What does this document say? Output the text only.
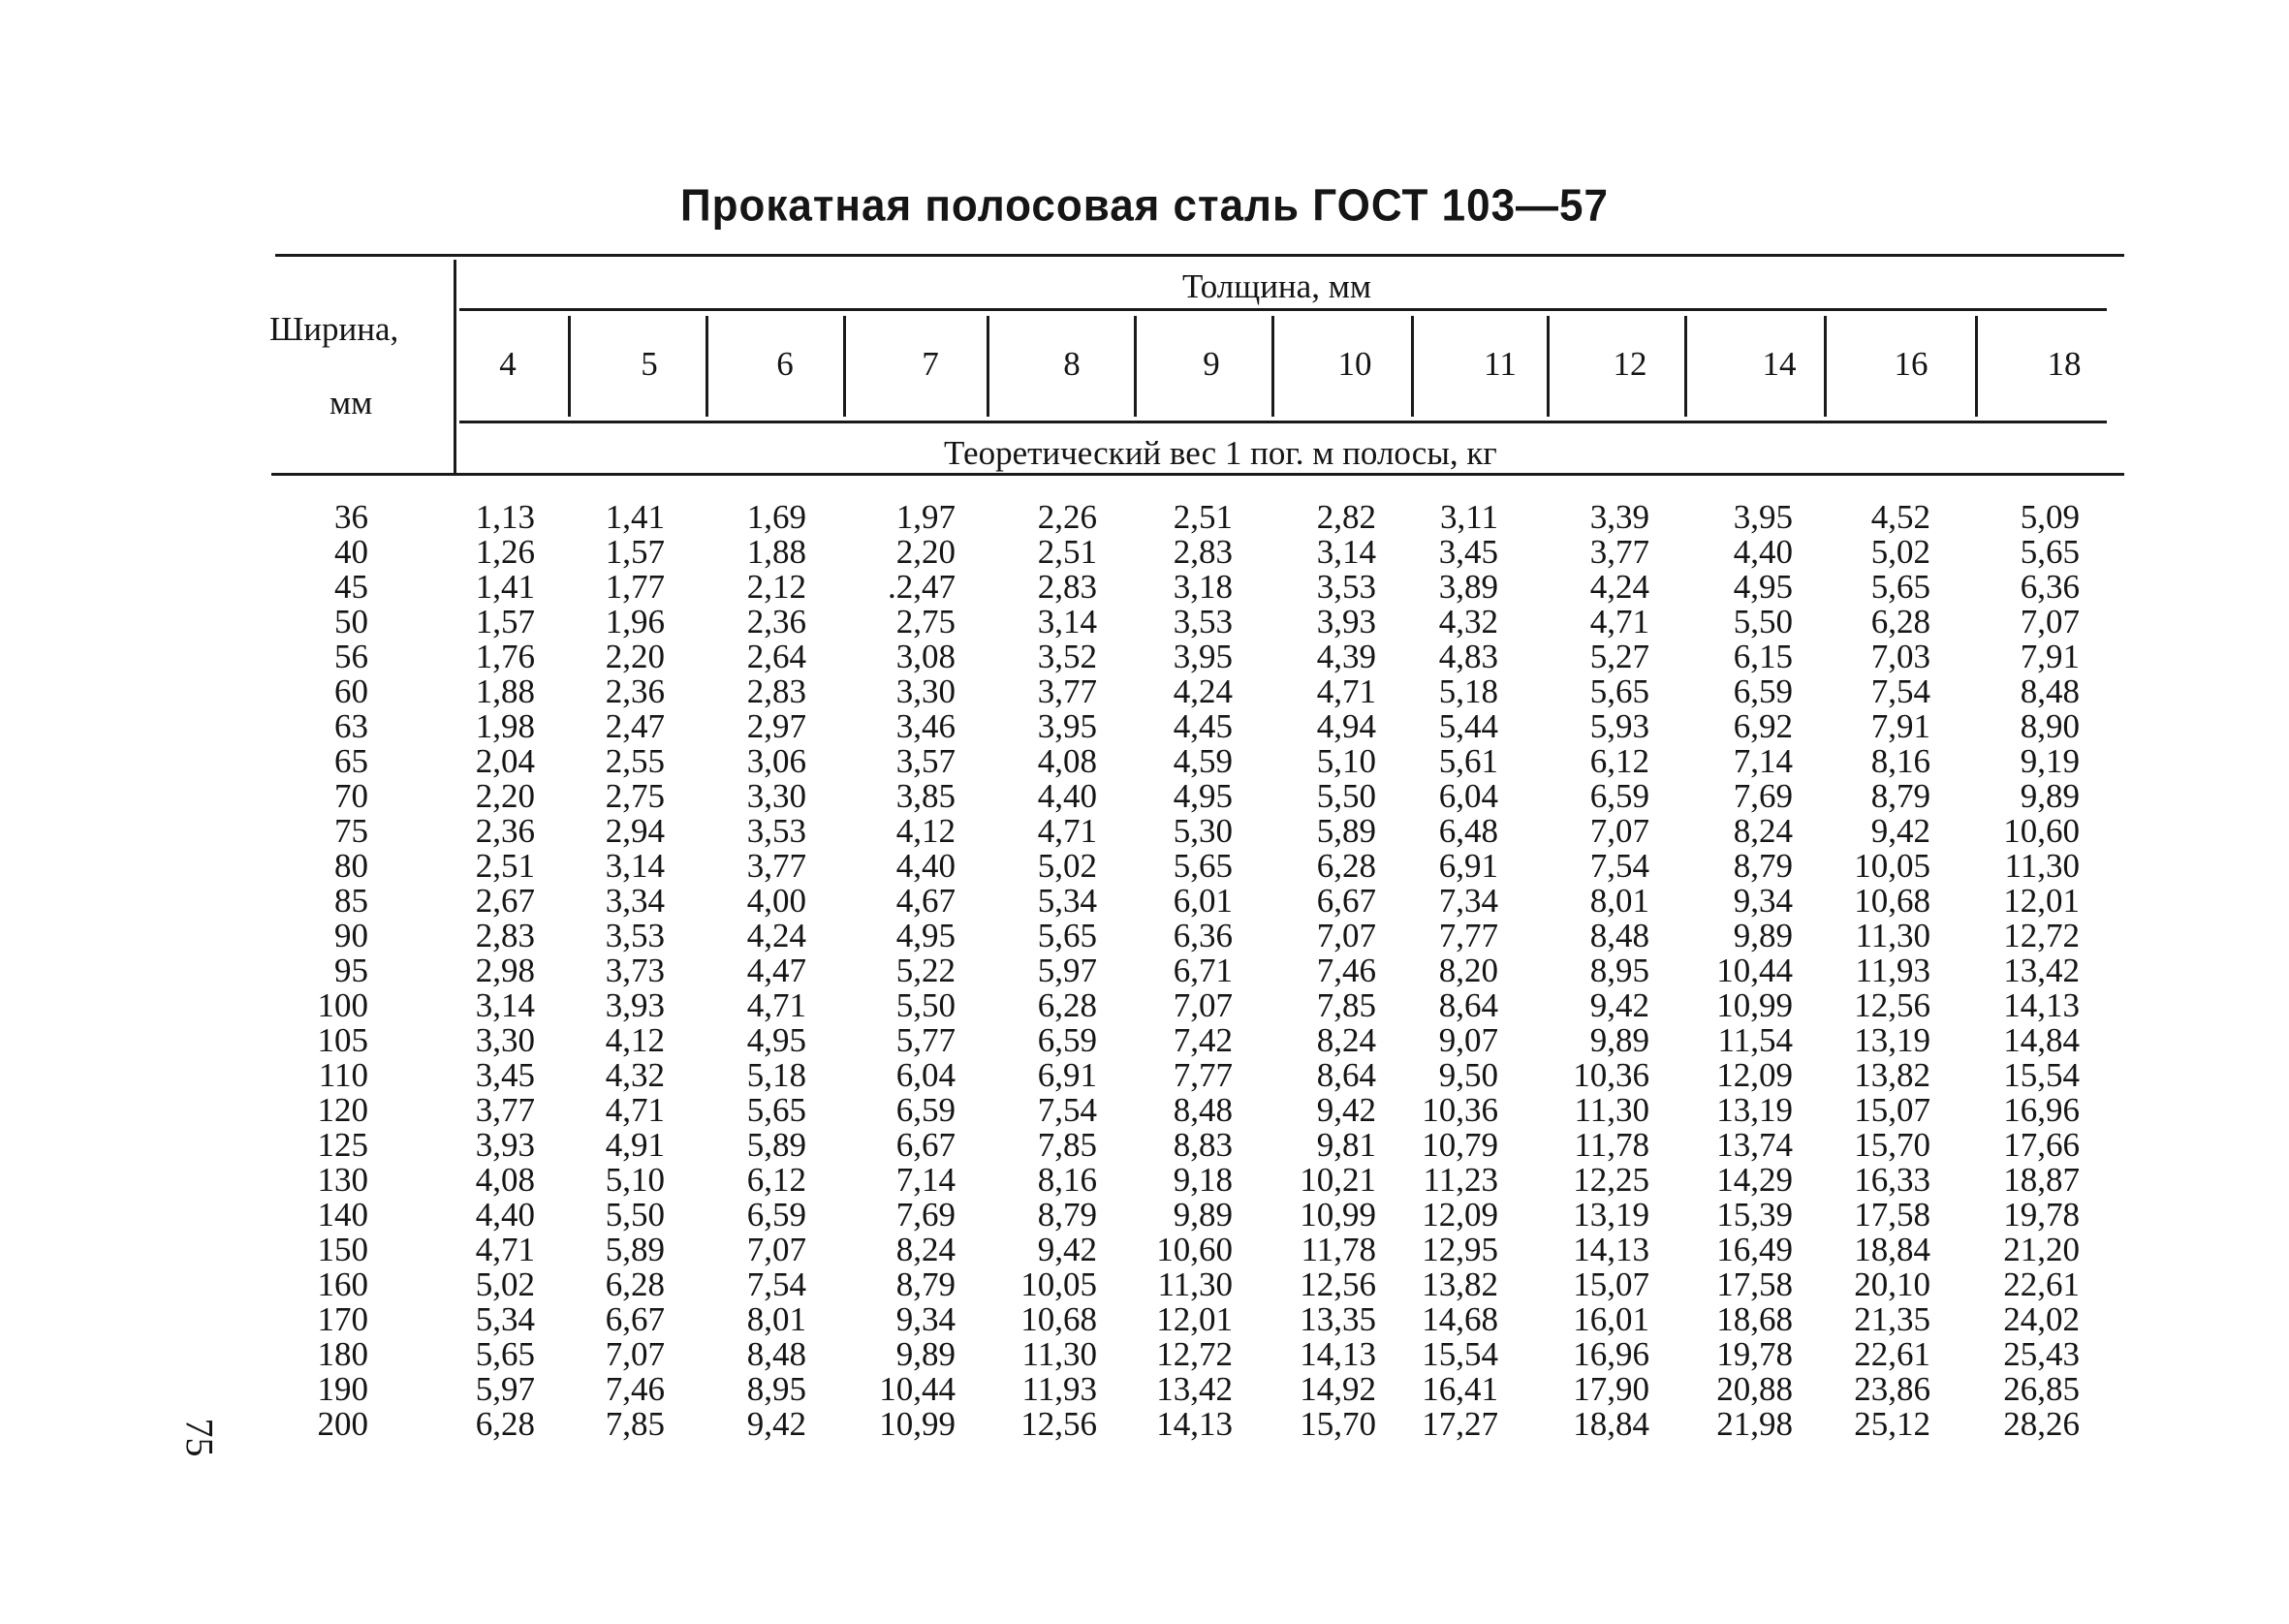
Прокатная полосовая сталь ГОСТ 103—57
Ширина,
мм
Толщина, мм
Теоретический вес 1 пог. м полосы, кг
4	5	6	7	8	9	10	11	12	14	16	18
36	1,13	1,41	1,69	1,97	2,26	2,51	2,82	3,11	3,39	3,95	4,52	5,09
40	1,26	1,57	1,88	2,20	2,51	2,83	3,14	3,45	3,77	4,40	5,02	5,65
45	1,41	1,77	2,12	.2,47	2,83	3,18	3,53	3,89	4,24	4,95	5,65	6,36
50	1,57	1,96	2,36	2,75	3,14	3,53	3,93	4,32	4,71	5,50	6,28	7,07
56	1,76	2,20	2,64	3,08	3,52	3,95	4,39	4,83	5,27	6,15	7,03	7,91
60	1,88	2,36	2,83	3,30	3,77	4,24	4,71	5,18	5,65	6,59	7,54	8,48
63	1,98	2,47	2,97	3,46	3,95	4,45	4,94	5,44	5,93	6,92	7,91	8,90
65	2,04	2,55	3,06	3,57	4,08	4,59	5,10	5,61	6,12	7,14	8,16	9,19
70	2,20	2,75	3,30	3,85	4,40	4,95	5,50	6,04	6,59	7,69	8,79	9,89
75	2,36	2,94	3,53	4,12	4,71	5,30	5,89	6,48	7,07	8,24	9,42	10,60
80	2,51	3,14	3,77	4,40	5,02	5,65	6,28	6,91	7,54	8,79	10,05	11,30
85	2,67	3,34	4,00	4,67	5,34	6,01	6,67	7,34	8,01	9,34	10,68	12,01
90	2,83	3,53	4,24	4,95	5,65	6,36	7,07	7,77	8,48	9,89	11,30	12,72
95	2,98	3,73	4,47	5,22	5,97	6,71	7,46	8,20	8,95	10,44	11,93	13,42
100	3,14	3,93	4,71	5,50	6,28	7,07	7,85	8,64	9,42	10,99	12,56	14,13
105	3,30	4,12	4,95	5,77	6,59	7,42	8,24	9,07	9,89	11,54	13,19	14,84
110	3,45	4,32	5,18	6,04	6,91	7,77	8,64	9,50	10,36	12,09	13,82	15,54
120	3,77	4,71	5,65	6,59	7,54	8,48	9,42	10,36	11,30	13,19	15,07	16,96
125	3,93	4,91	5,89	6,67	7,85	8,83	9,81	10,79	11,78	13,74	15,70	17,66
130	4,08	5,10	6,12	7,14	8,16	9,18	10,21	11,23	12,25	14,29	16,33	18,87
140	4,40	5,50	6,59	7,69	8,79	9,89	10,99	12,09	13,19	15,39	17,58	19,78
150	4,71	5,89	7,07	8,24	9,42	10,60	11,78	12,95	14,13	16,49	18,84	21,20
160	5,02	6,28	7,54	8,79	10,05	11,30	12,56	13,82	15,07	17,58	20,10	22,61
170	5,34	6,67	8,01	9,34	10,68	12,01	13,35	14,68	16,01	18,68	21,35	24,02
180	5,65	7,07	8,48	9,89	11,30	12,72	14,13	15,54	16,96	19,78	22,61	25,43
190	5,97	7,46	8,95	10,44	11,93	13,42	14,92	16,41	17,90	20,88	23,86	26,85
200	6,28	7,85	9,42	10,99	12,56	14,13	15,70	17,27	18,84	21,98	25,12	28,26
75
